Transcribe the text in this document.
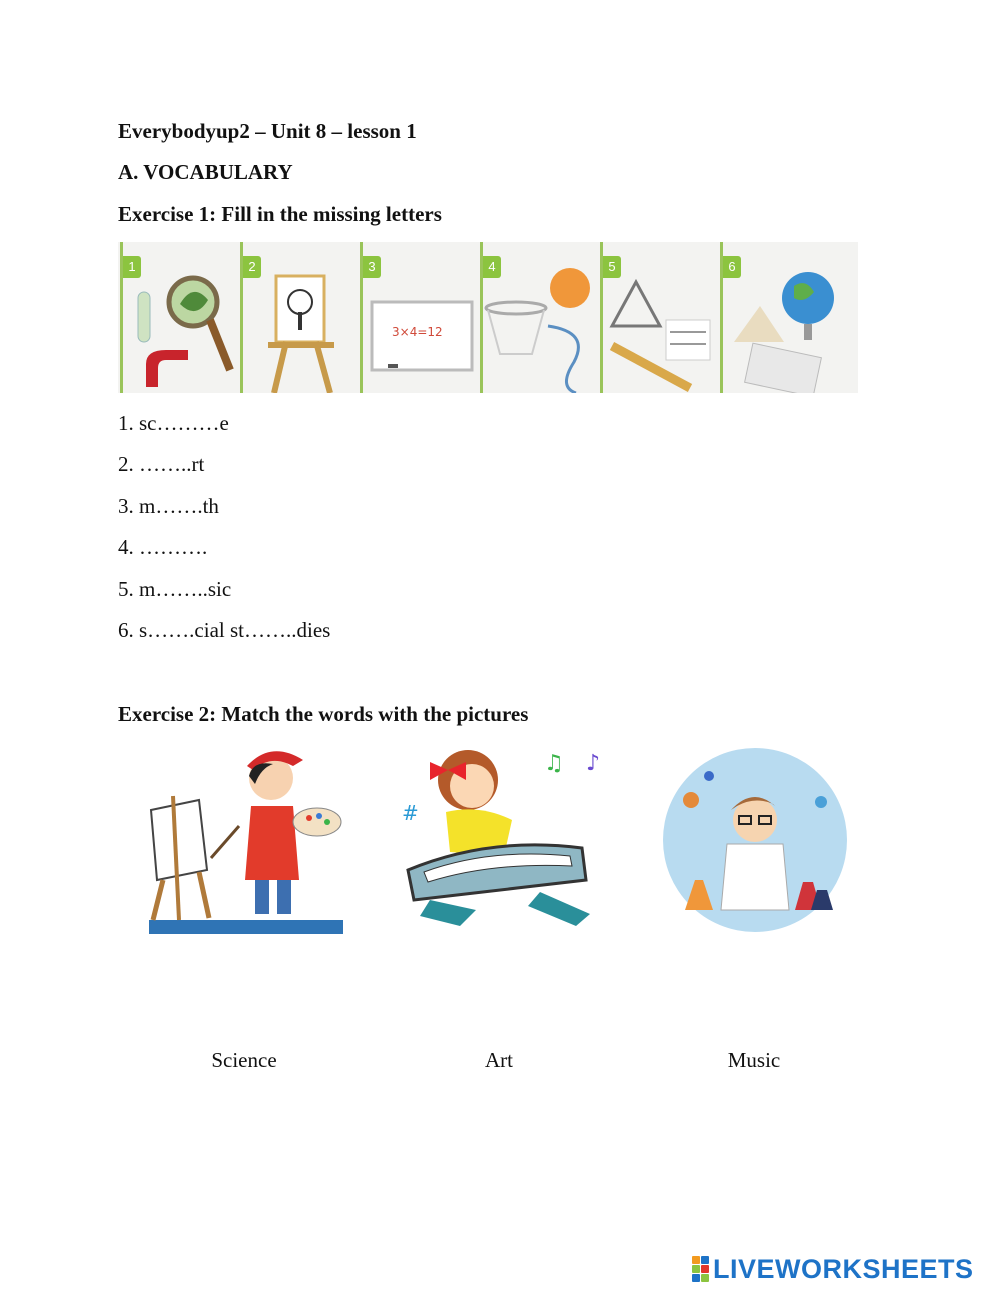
Everybodyup2 – Unit 8 – lesson 1
A. VOCABULARY
Exercise 1: Fill in the missing letters
1	2	3
3×4=12
4	5	6
1. sc………e
2. ……..rt
3. m…….th
4. ……….
5. m……..sic
6. s…….cial st……..dies
Exercise 2: Match the words with the pictures
♫ ♪
#
Science	Art	Music
LIVEWORKSHEETS
